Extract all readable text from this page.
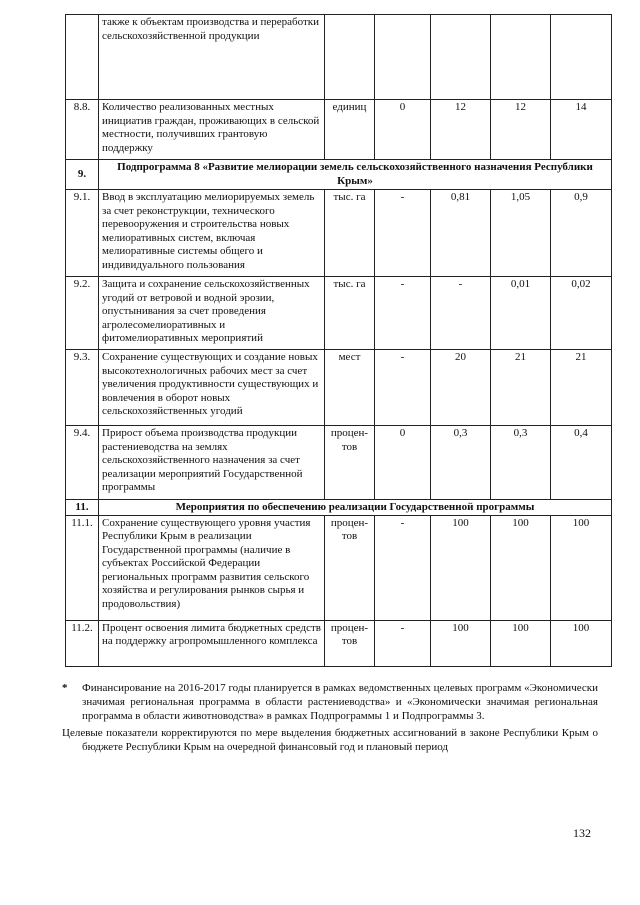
	также к объектам производства и переработки сельскохозяйственной продукции					
8.8.	Количество реализованных местных инициатив граждан, проживающих в сельской местности, получивших грантовую поддержку	единиц	0	12	12	14
9.	Подпрограмма 8 «Развитие мелиорации земель сельскохозяйственного назначения Республики Крым»					
9.1.	Ввод в эксплуатацию мелиорируемых земель за счет реконструкции, технического перевооружения и строительства новых мелиоративных систем, включая мелиоративные системы общего и индивидуального пользования	тыс. га	-	0,81	1,05	0,9
9.2.	Защита и сохранение сельскохозяйственных угодий от ветровой и водной эрозии, опустынивания за счет проведения агролесомелиоративных и фитомелиоративных мероприятий	тыс. га	-	-	0,01	0,02
9.3.	Сохранение существующих и создание новых высокотехнологичных рабочих мест за счет увеличения продуктивности существующих и вовлечения в оборот новых сельскохозяйственных угодий	мест	-	20	21	21
9.4.	Прирост объема производства продукции растениеводства на землях сельскохозяйственного назначения за счет реализации мероприятий Государственной программы	процен-тов	0	0,3	0,3	0,4
11.	Мероприятия по обеспечению реализации Государственной программы					
11.1.	Сохранение существующего уровня участия Республики Крым в реализации Государственной программы (наличие в субъектах Российской Федерации региональных программ развития сельского хозяйства и регулирования рынков сырья и продовольствия)	процен-тов	-	100	100	100
11.2.	Процент освоения лимита бюджетных средств на поддержку агропромышленного комплекса	процен-тов	-	100	100	100
* Финансирование на 2016-2017 годы планируется в рамках ведомственных целевых программ «Экономически значимая региональная программа в области растениеводства» и «Экономически значимая региональная программа в области животноводства» в рамках Подпрограммы 1 и Подпрограммы 3.
Целевые показатели корректируются по мере выделения бюджетных ассигнований в законе Республики Крым о бюджете Республики Крым на очередной финансовый год и плановый период
132
